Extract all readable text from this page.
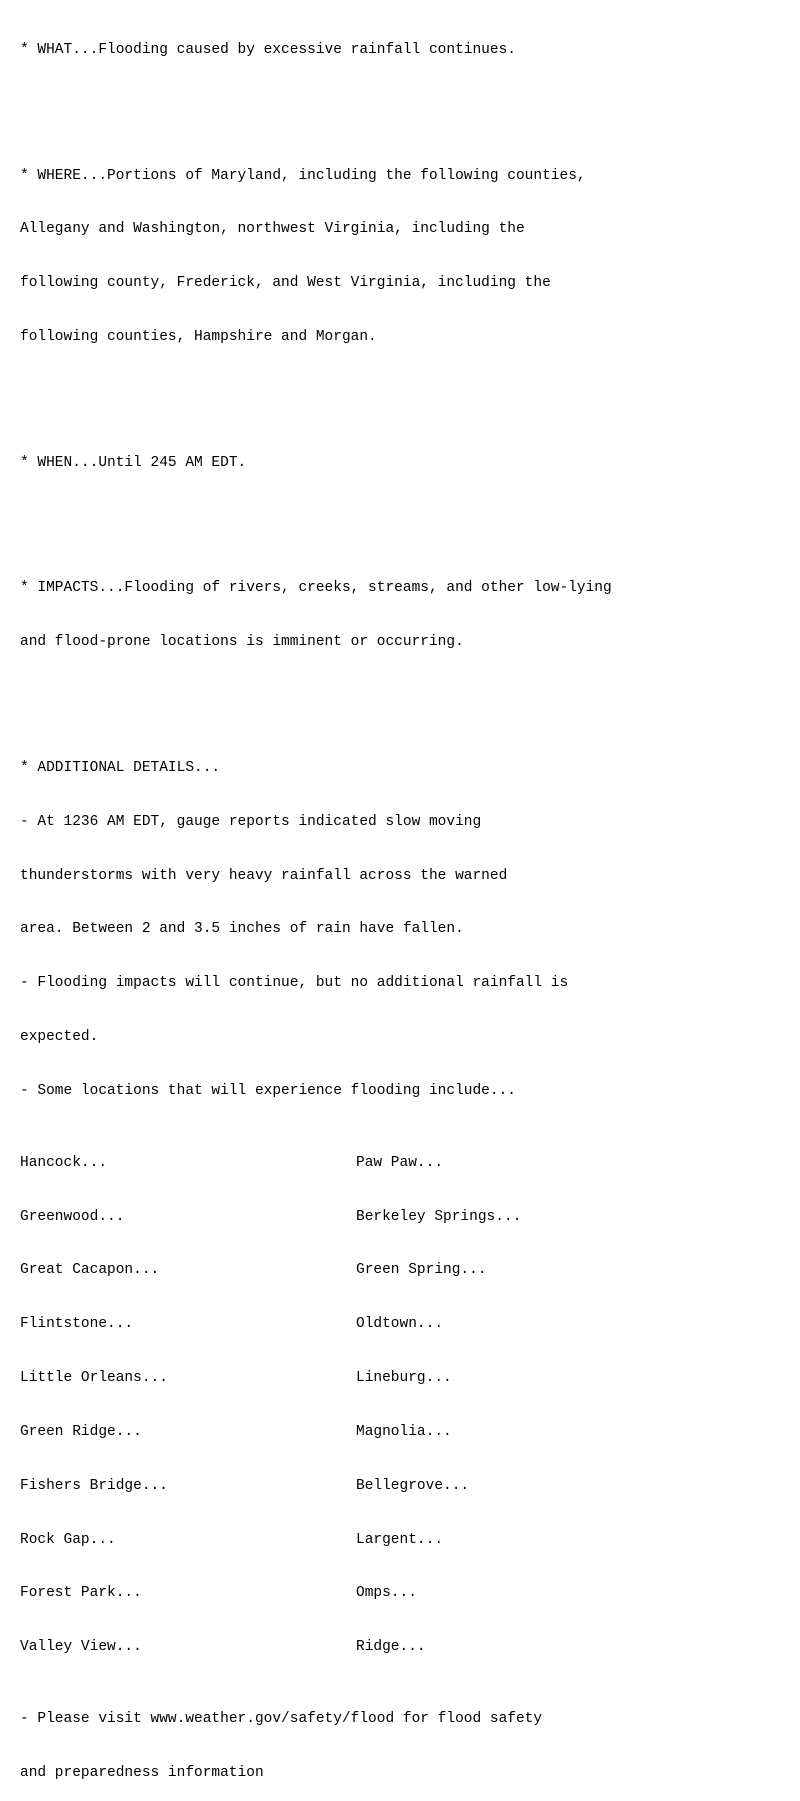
* WHAT...Flooding caused by excessive rainfall continues.

* WHERE...Portions of Maryland, including the following counties,

Allegany and Washington, northwest Virginia, including the

following county, Frederick, and West Virginia, including the

following counties, Hampshire and Morgan.

* WHEN...Until 245 AM EDT.

* IMPACTS...Flooding of rivers, creeks, streams, and other low-lying

and flood-prone locations is imminent or occurring.

* ADDITIONAL DETAILS...

- At 1236 AM EDT, gauge reports indicated slow moving

thunderstorms with very heavy rainfall across the warned

area. Between 2 and 3.5 inches of rain have fallen.

- Flooding impacts will continue, but no additional rainfall is

expected.

- Some locations that will experience flooding include...

Hancock...	Paw Paw...

Greenwood...	Berkeley Springs...

Great Cacapon...	Green Spring...

Flintstone...	Oldtown...

Little Orleans...	Lineburg...

Green Ridge...	Magnolia...

Fishers Bridge...	Bellegrove...

Rock Gap...	Largent...

Forest Park...	Omps...

Valley View...	Ridge...

- Please visit www.weather.gov/safety/flood for flood safety

and preparedness information
